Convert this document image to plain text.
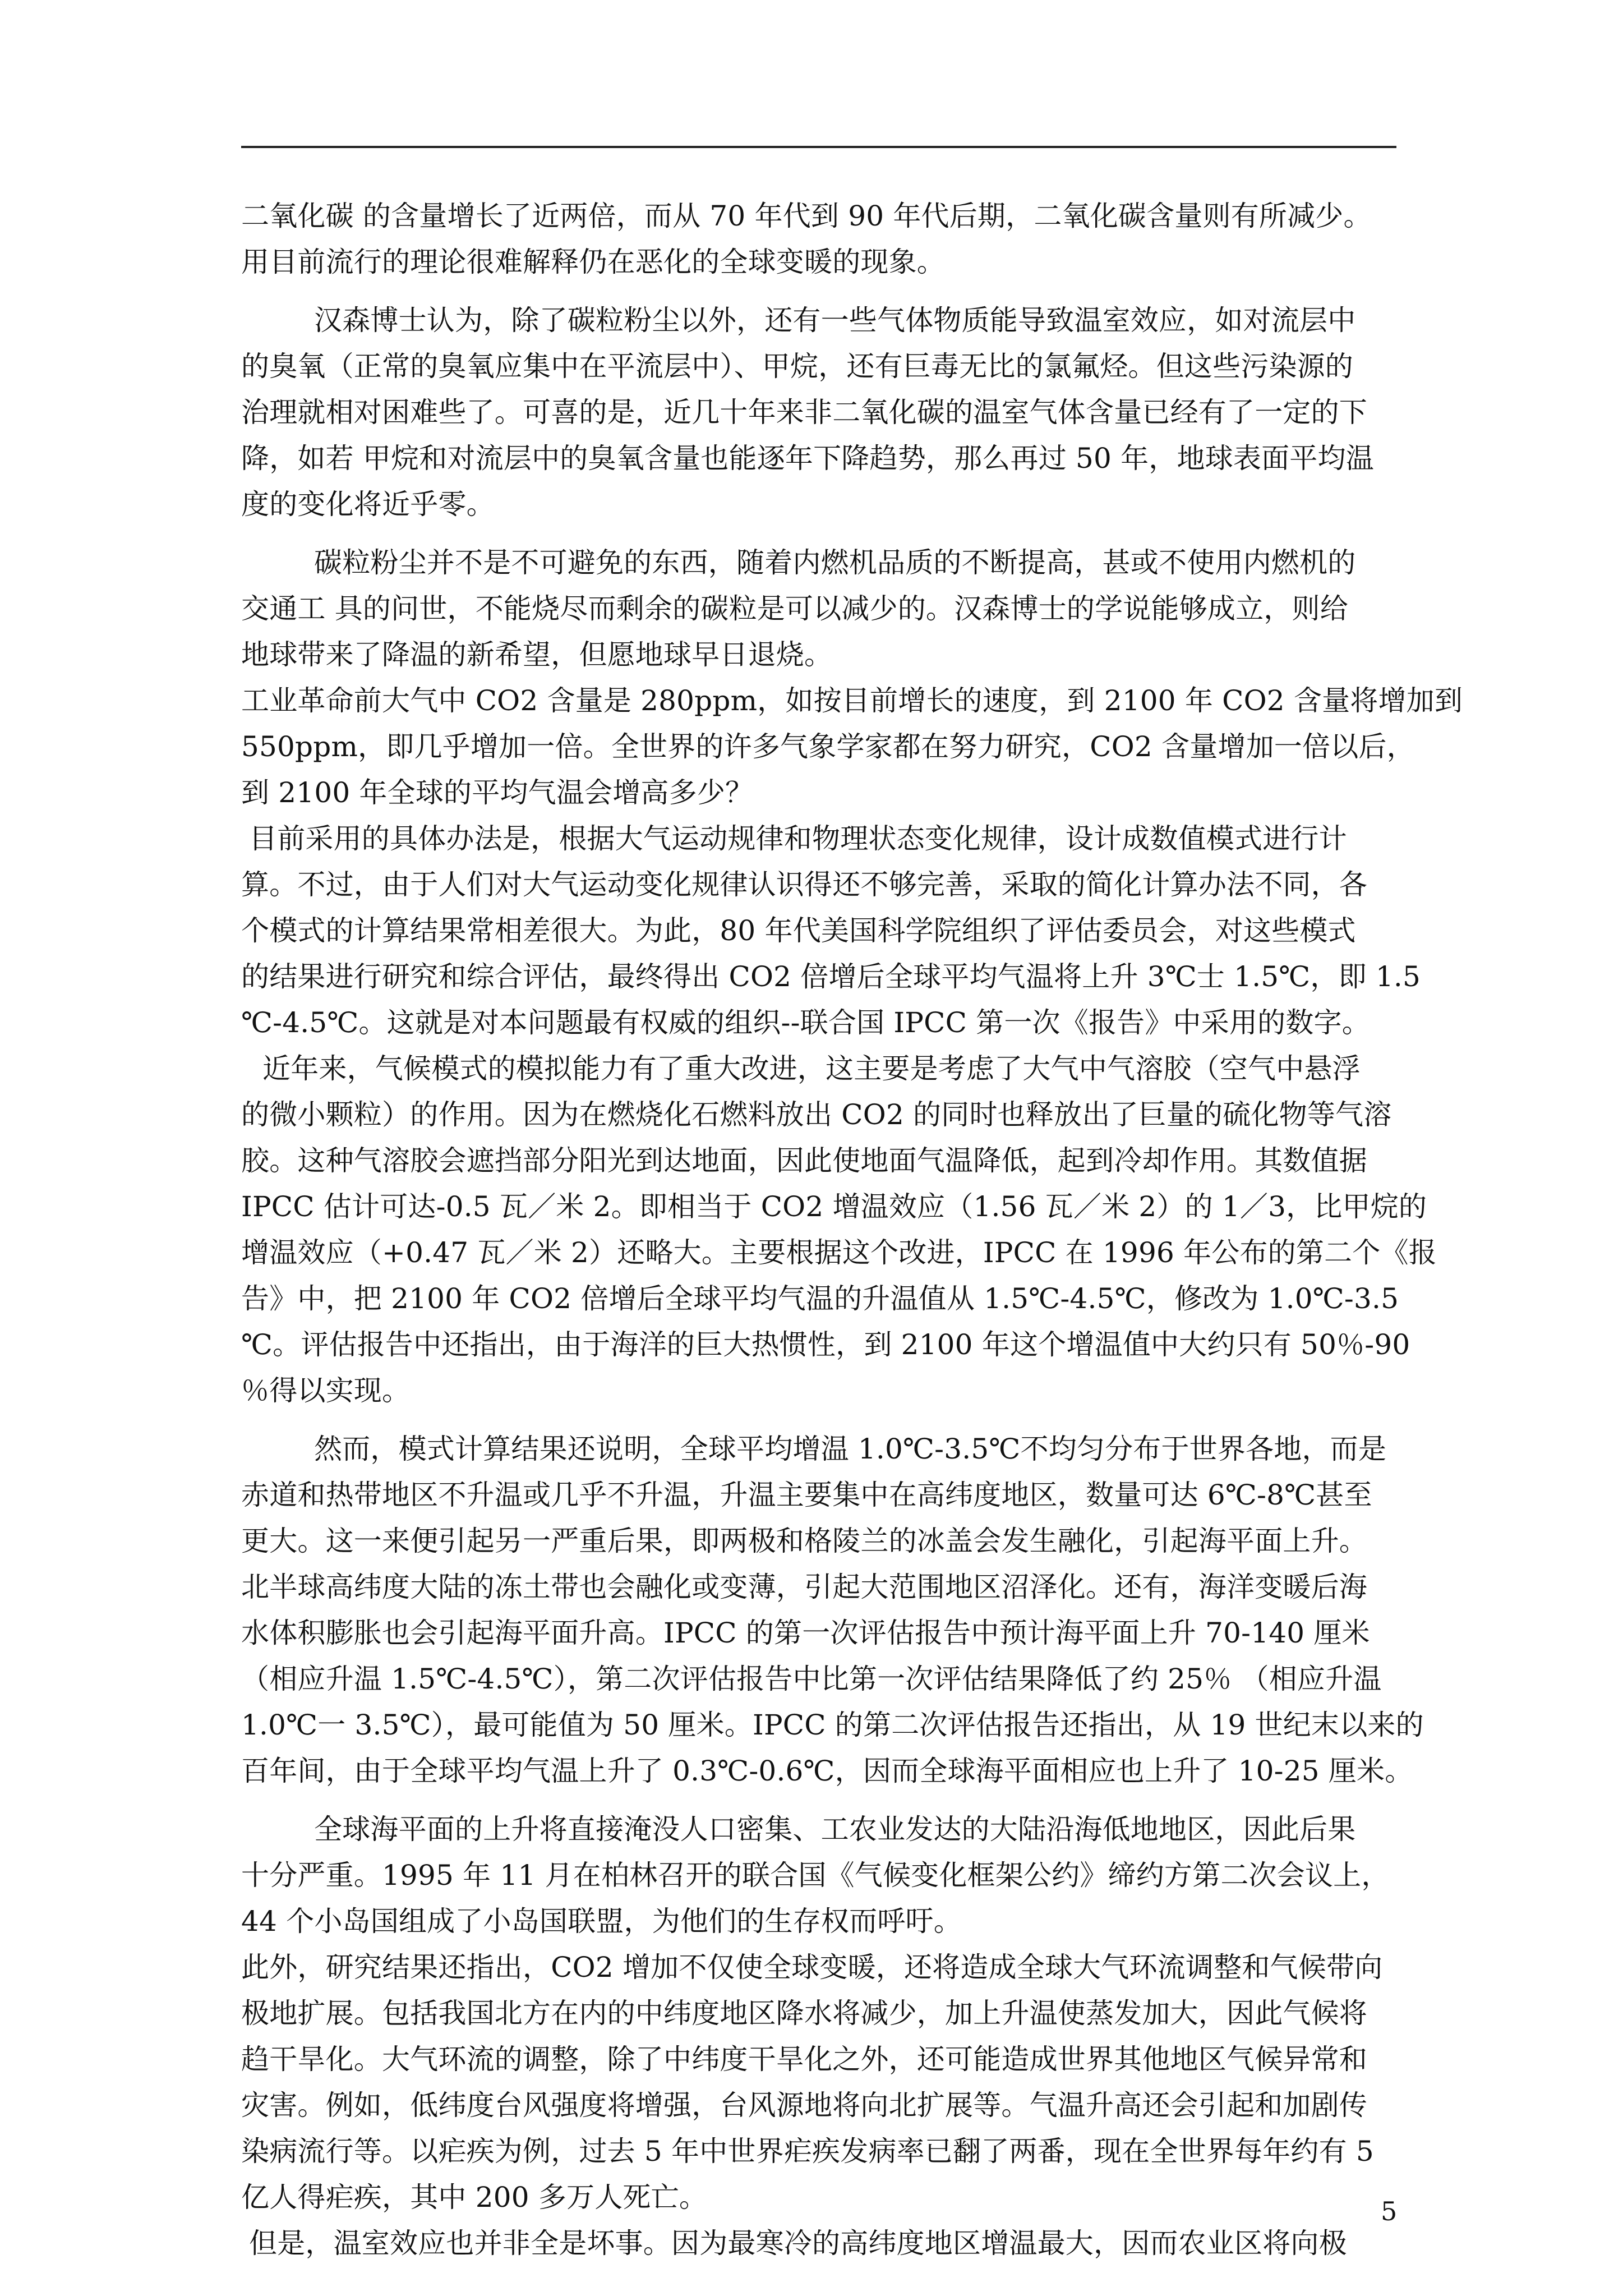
二氧化碳 的含量增长了近两倍，而从 70 年代到 90 年代后期，二氧化碳含量则有所减少。
用目前流行的理论很难解释仍在恶化的全球变暖的现象。
汉森博士认为，除了碳粒粉尘以外，还有一些气体物质能导致温室效应，如对流层中
的臭氧（正常的臭氧应集中在平流层中）、甲烷，还有巨毒无比的氯氟烃。但这些污染源的
治理就相对困难些了。可喜的是，近几十年来非二氧化碳的温室气体含量已经有了一定的下
降，如若 甲烷和对流层中的臭氧含量也能逐年下降趋势，那么再过 50 年，地球表面平均温
度的变化将近乎零。
碳粒粉尘并不是不可避免的东西，随着内燃机品质的不断提高，甚或不使用内燃机的
交通工 具的问世，不能烧尽而剩余的碳粒是可以减少的。汉森博士的学说能够成立，则给
地球带来了降温的新希望，但愿地球早日退烧。
工业革命前大气中 CO2 含量是 280ppm，如按目前增长的速度，到 2100 年 CO2 含量将增加到
550ppm，即几乎增加一倍。全世界的许多气象学家都在努力研究，CO2 含量增加一倍以后，
到 2100 年全球的平均气温会增高多少？
目前采用的具体办法是，根据大气运动规律和物理状态变化规律，设计成数值模式进行计
算。不过，由于人们对大气运动变化规律认识得还不够完善，采取的简化计算办法不同，各
个模式的计算结果常相差很大。为此，80 年代美国科学院组织了评估委员会，对这些模式
的结果进行研究和综合评估，最终得出 CO2 倍增后全球平均气温将上升 3℃士 1.5℃，即 1.5
℃-4.5℃。这就是对本问题最有权威的组织--联合国 IPCC 第一次《报告》中采用的数字。
近年来，气候模式的模拟能力有了重大改进，这主要是考虑了大气中气溶胶（空气中悬浮
的微小颗粒）的作用。因为在燃烧化石燃料放出 CO2 的同时也释放出了巨量的硫化物等气溶
胶。这种气溶胶会遮挡部分阳光到达地面，因此使地面气温降低，起到冷却作用。其数值据
IPCC 估计可达-0.5 瓦／米 2。即相当于 CO2 增温效应（1.56 瓦／米 2）的 1／3，比甲烷的
增温效应（+0.47 瓦／米 2）还略大。主要根据这个改进，IPCC 在 1996 年公布的第二个《报
告》中，把 2100 年 CO2 倍增后全球平均气温的升温值从 1.5℃-4.5℃，修改为 1.0℃-3.5
℃。评估报告中还指出，由于海洋的巨大热惯性，到 2100 年这个增温值中大约只有 50％-90
％得以实现。
然而，模式计算结果还说明，全球平均增温 1.0℃-3.5℃不均匀分布于世界各地，而是
赤道和热带地区不升温或几乎不升温，升温主要集中在高纬度地区，数量可达 6℃-8℃甚至
更大。这一来便引起另一严重后果，即两极和格陵兰的冰盖会发生融化，引起海平面上升。
北半球高纬度大陆的冻土带也会融化或变薄，引起大范围地区沼泽化。还有，海洋变暖后海
水体积膨胀也会引起海平面升高。IPCC 的第一次评估报告中预计海平面上升 70-140 厘米
（相应升温 1.5℃-4.5℃），第二次评估报告中比第一次评估结果降低了约 25％ （相应升温
1.0℃一 3.5℃），最可能值为 50 厘米。IPCC 的第二次评估报告还指出，从 19 世纪末以来的
百年间，由于全球平均气温上升了 0.3℃-0.6℃，因而全球海平面相应也上升了 10-25 厘米。
全球海平面的上升将直接淹没人口密集、工农业发达的大陆沿海低地地区，因此后果
十分严重。1995 年 11 月在柏林召开的联合国《气候变化框架公约》缔约方第二次会议上，
44 个小岛国组成了小岛国联盟，为他们的生存权而呼吁。
此外，研究结果还指出，CO2 增加不仅使全球变暖，还将造成全球大气环流调整和气候带向
极地扩展。包括我国北方在内的中纬度地区降水将减少，加上升温使蒸发加大，因此气候将
趋干旱化。大气环流的调整，除了中纬度干旱化之外，还可能造成世界其他地区气候异常和
灾害。例如，低纬度台风强度将增强，台风源地将向北扩展等。气温升高还会引起和加剧传
染病流行等。以疟疾为例，过去 5 年中世界疟疾发病率已翻了两番，现在全世界每年约有 5
亿人得疟疾，其中 200 多万人死亡。
但是，温室效应也并非全是坏事。因为最寒冷的高纬度地区增温最大，因而农业区将向极
5
